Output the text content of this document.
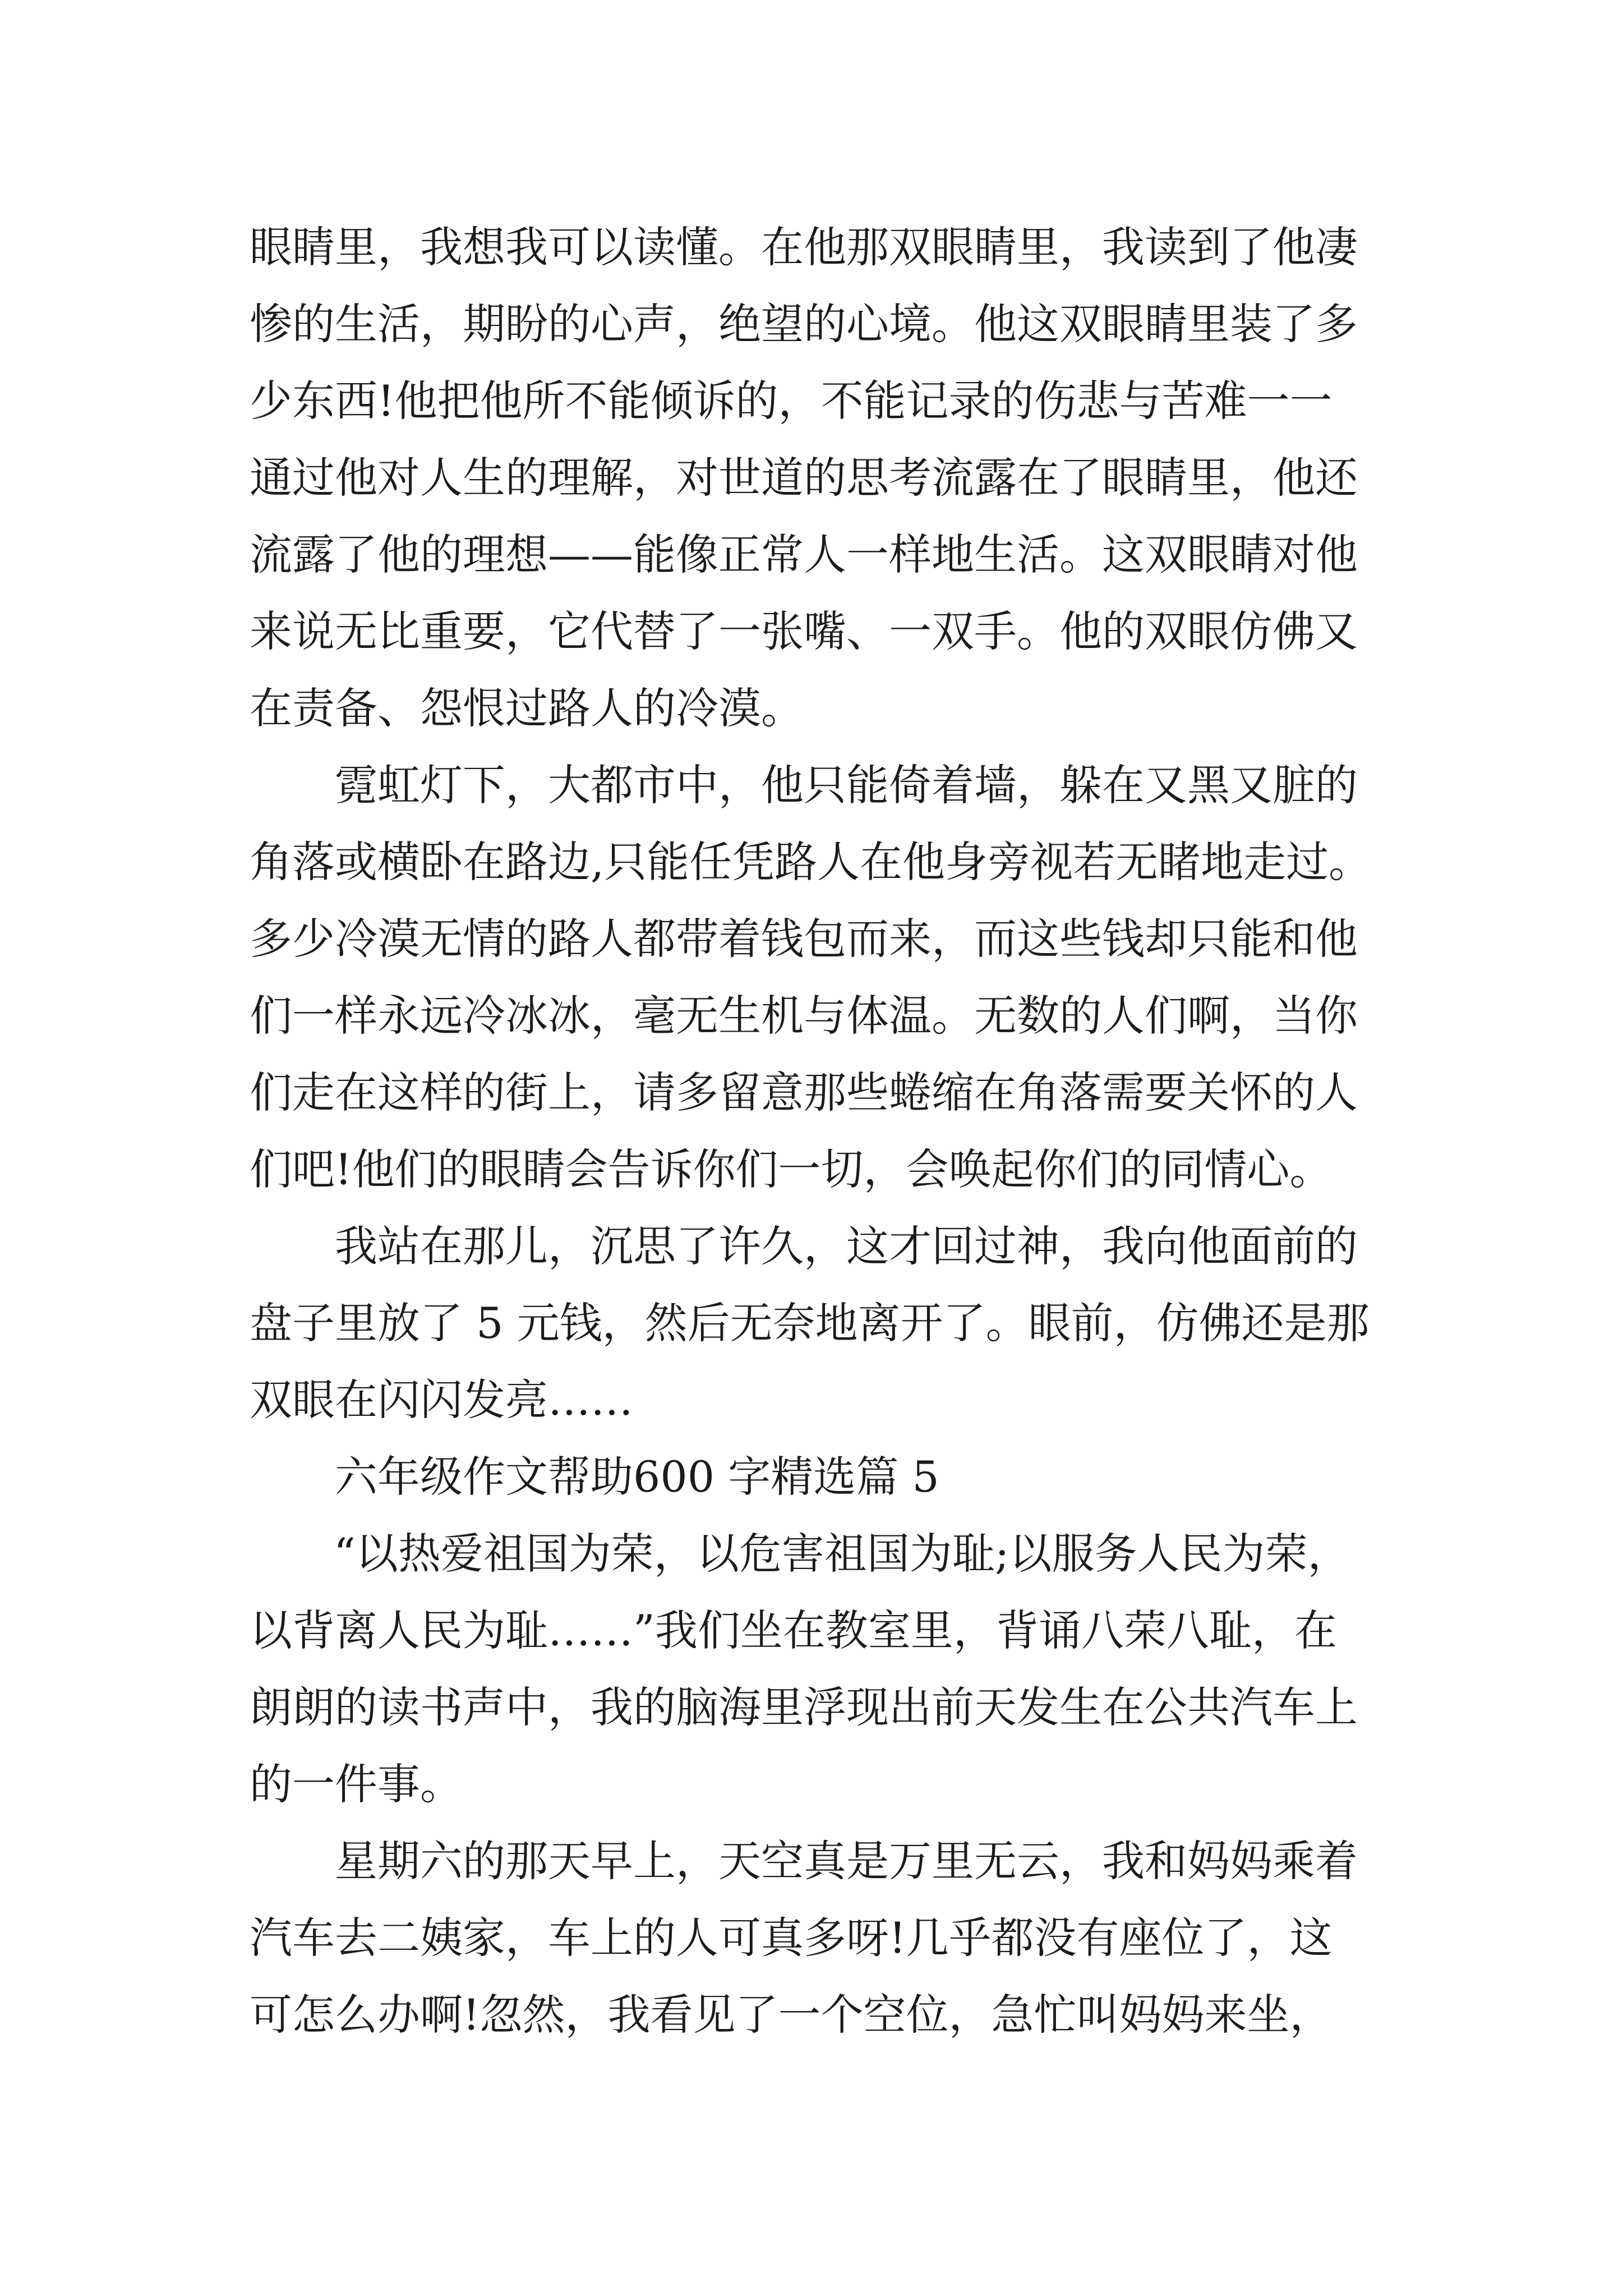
眼睛里，我想我可以读懂。在他那双眼睛里，我读到了他凄
惨的生活，期盼的心声，绝望的心境。他这双眼睛里装了多
少东西!他把他所不能倾诉的，不能记录的伤悲与苦难一一
通过他对人生的理解，对世道的思考流露在了眼睛里，他还
流露了他的理想——能像正常人一样地生活。这双眼睛对他
来说无比重要，它代替了一张嘴、一双手。他的双眼仿佛又
在责备、怨恨过路人的冷漠。
霓虹灯下，大都市中，他只能倚着墙，躲在又黑又脏的
角落或横卧在路边,只能任凭路人在他身旁视若无睹地走过。
多少冷漠无情的路人都带着钱包而来，而这些钱却只能和他
们一样永远冷冰冰，毫无生机与体温。无数的人们啊，当你
们走在这样的街上，请多留意那些蜷缩在角落需要关怀的人
们吧!他们的眼睛会告诉你们一切，会唤起你们的同情心。
我站在那儿，沉思了许久，这才回过神，我向他面前的
盘子里放了 5 元钱，然后无奈地离开了。眼前，仿佛还是那
双眼在闪闪发亮……
六年级作文帮助600 字精选篇 5
“以热爱祖国为荣，以危害祖国为耻;以服务人民为荣，
以背离人民为耻……”我们坐在教室里，背诵八荣八耻，在
朗朗的读书声中，我的脑海里浮现出前天发生在公共汽车上
的一件事。
星期六的那天早上，天空真是万里无云，我和妈妈乘着
汽车去二姨家，车上的人可真多呀!几乎都没有座位了，这
可怎么办啊!忽然，我看见了一个空位，急忙叫妈妈来坐，
